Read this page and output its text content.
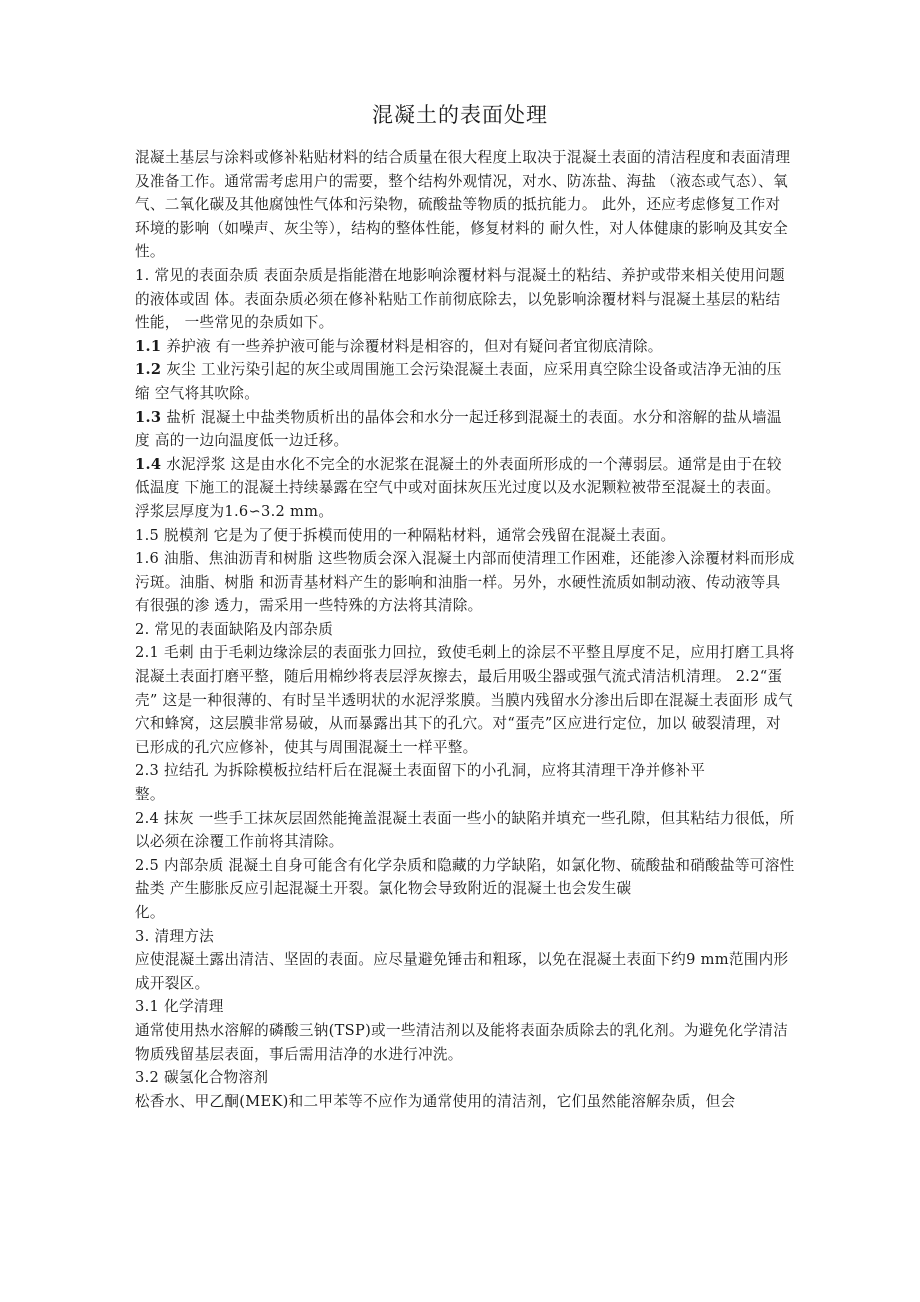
混凝土的表面处理

混凝土基层与涂料或修补粘贴材料的结合质量在很大程度上取决于混凝土表面的清洁程度和表面清理及准备工作。通常需考虑用户的需要，整个结构外观情况，对水、防冻盐、海盐 （液态或气态）、氧气、二氧化碳及其他腐蚀性气体和污染物，硫酸盐等物质的抵抗能力。 此外，还应考虑修复工作对环境的影响（如噪声、灰尘等），结构的整体性能，修复材料的 耐久性，对人体健康的影响及其安全性。

1. 常见的表面杂质 表面杂质是指能潜在地影响涂覆材料与混凝土的粘结、养护或带来相关使用问题的液体或固 体。表面杂质必须在修补粘贴工作前彻底除去，以免影响涂覆材料与混凝土基层的粘结性能， 一些常见的杂质如下。

1.1 养护液 有一些养护液可能与涂覆材料是相容的，但对有疑问者宜彻底清除。

1.2 灰尘 工业污染引起的灰尘或周围施工会污染混凝土表面，应采用真空除尘设备或洁净无油的压缩 空气将其吹除。

1.3 盐析 混凝土中盐类物质析出的晶体会和水分一起迁移到混凝土的表面。水分和溶解的盐从墙温度 高的一边向温度低一边迁移。

1.4 水泥浮浆 这是由水化不完全的水泥浆在混凝土的外表面所形成的一个薄弱层。通常是由于在较低温度 下施工的混凝土持续暴露在空气中或对面抹灰压光过度以及水泥颗粒被带至混凝土的表面。 浮浆层厚度为1.6∽3.2 mm。

1.5 脱模剂 它是为了便于拆模而使用的一种隔粘材料，通常会残留在混凝土表面。

1.6 油脂、焦油沥青和树脂 这些物质会深入混凝土内部而使清理工作困难，还能渗入涂覆材料而形成污斑。油脂、树脂 和沥青基材料产生的影响和油脂一样。另外，水硬性流质如制动液、传动液等具有很强的渗 透力，需采用一些特殊的方法将其清除。

2. 常见的表面缺陷及内部杂质

2.1 毛刺 由于毛刺边缘涂层的表面张力回拉，致使毛刺上的涂层不平整且厚度不足，应用打磨工具将 混凝土表面打磨平整，随后用棉纱将表层浮灰擦去，最后用吸尘器或强气流式清洁机清理。 2.2“蛋壳” 这是一种很薄的、有时呈半透明状的水泥浮浆膜。当膜内残留水分渗出后即在混凝土表面形 成气穴和蜂窝，这层膜非常易破，从而暴露出其下的孔穴。对“蛋壳”区应进行定位，加以 破裂清理，对已形成的孔穴应修补，使其与周围混凝土一样平整。

2.3 拉结孔 为拆除模板拉结杆后在混凝土表面留下的小孔洞，应将其清理干净并修补平

整。

2.4 抹灰 一些手工抹灰层固然能掩盖混凝土表面一些小的缺陷并填充一些孔隙，但其粘结力很低，所 以必须在涂覆工作前将其清除。

2.5 内部杂质 混凝土自身可能含有化学杂质和隐藏的力学缺陷，如氯化物、硫酸盐和硝酸盐等可溶性盐类 产生膨胀反应引起混凝土开裂。氯化物会导致附近的混凝土也会发生碳

化。

3. 清理方法

应使混凝土露出清洁、坚固的表面。应尽量避免锤击和粗琢，以免在混凝土表面下约9 mm范围内形成开裂区。

3.1 化学清理

通常使用热水溶解的磷酸三钠(TSP)或一些清洁剂以及能将表面杂质除去的乳化剂。为避免化学清洁物质残留基层表面，事后需用洁净的水进行冲洗。

3.2 碳氢化合物溶剂

松香水、甲乙酮(MEK)和二甲苯等不应作为通常使用的清洁剂，它们虽然能溶解杂质，但会
